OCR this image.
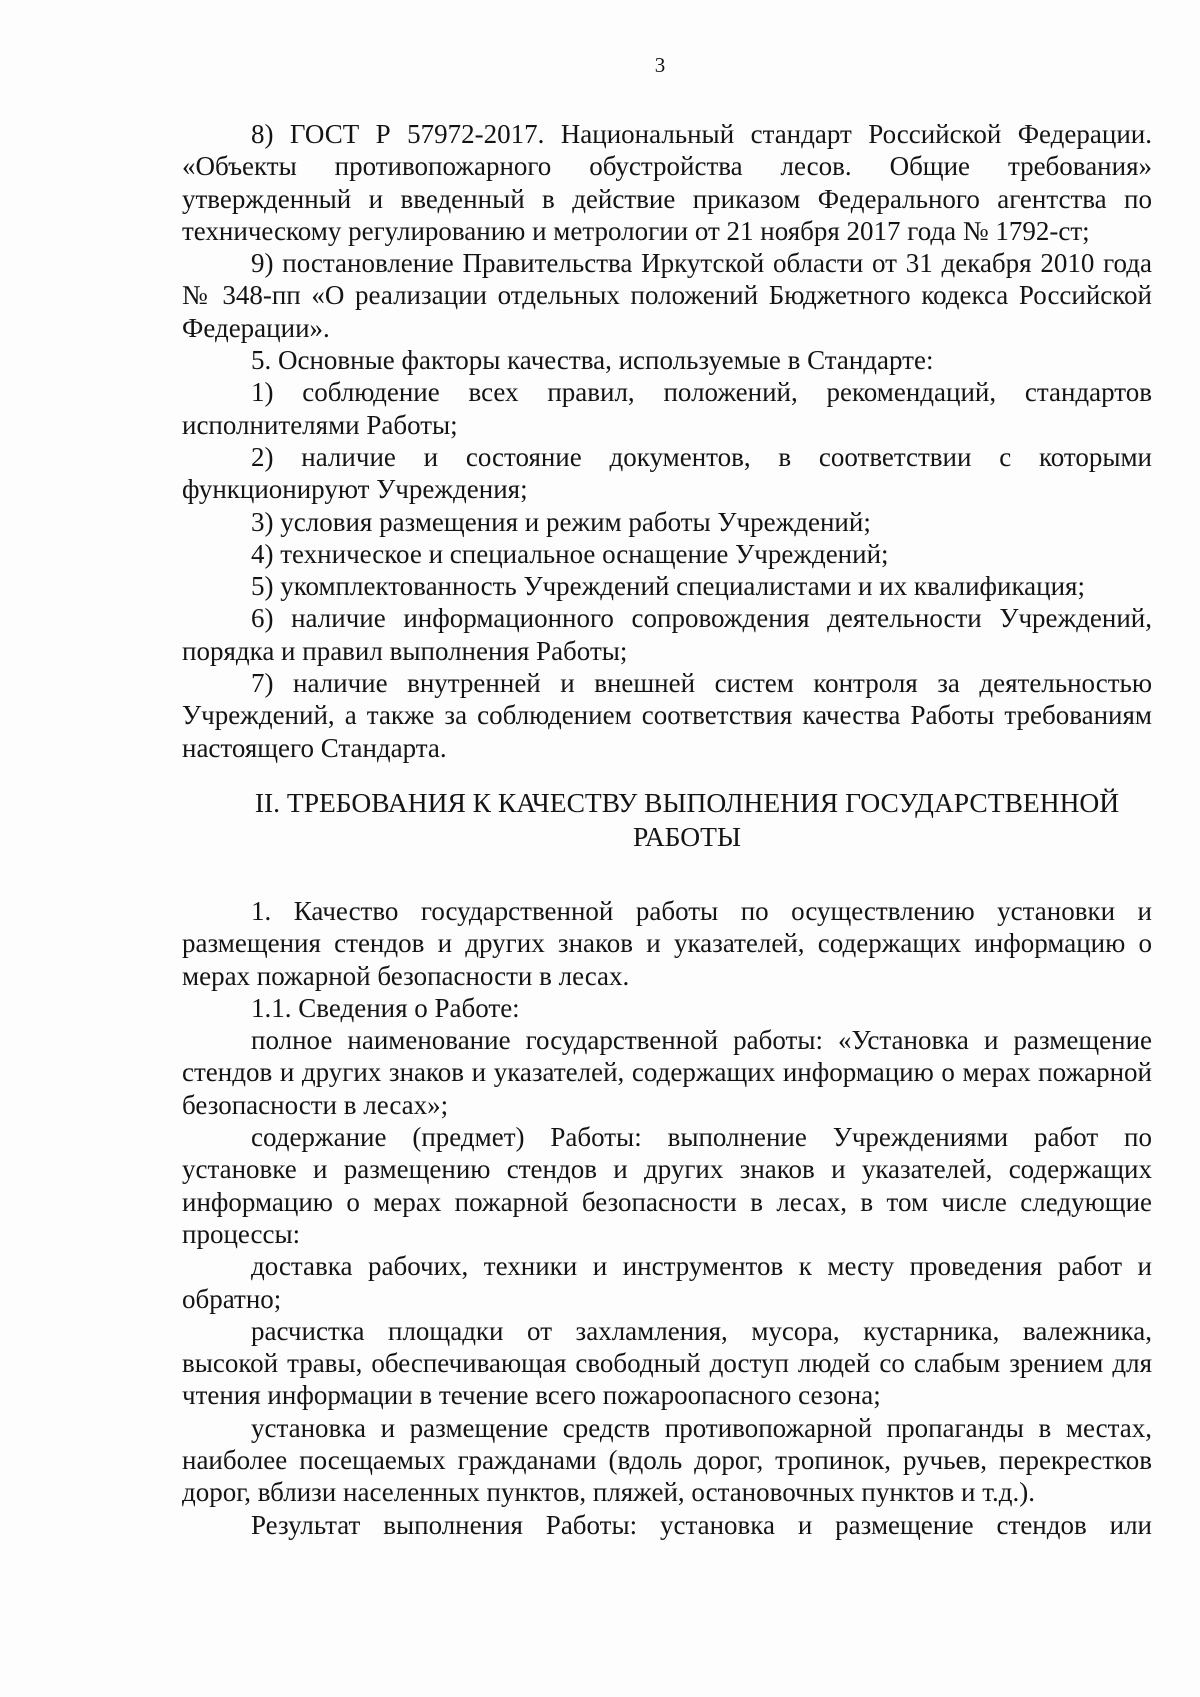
3

8) ГОСТ Р 57972-2017. Национальный стандарт Российской Федерации. «Объекты противопожарного обустройства лесов. Общие требования» утвержденный и введенный в действие приказом Федерального агентства по техническому регулированию и метрологии от 21 ноября 2017 года № 1792-ст;

9) постановление Правительства Иркутской области от 31 декабря 2010 года № 348-пп «О реализации отдельных положений Бюджетного кодекса Российской Федерации».

5. Основные факторы качества, используемые в Стандарте:

1) соблюдение всех правил, положений, рекомендаций, стандартов исполнителями Работы;

2) наличие и состояние документов, в соответствии с которыми функционируют Учреждения;

3) условия размещения и режим работы Учреждений;

4) техническое и специальное оснащение Учреждений;

5) укомплектованность Учреждений специалистами и их квалификация;

6) наличие информационного сопровождения деятельности Учреждений, порядка и правил выполнения Работы;

7) наличие внутренней и внешней систем контроля за деятельностью Учреждений, а также за соблюдением соответствия качества Работы требованиям настоящего Стандарта.

II. ТРЕБОВАНИЯ К КАЧЕСТВУ ВЫПОЛНЕНИЯ ГОСУДАРСТВЕННОЙ
РАБОТЫ

1. Качество государственной работы по осуществлению установки и размещения стендов и других знаков и указателей, содержащих информацию о мерах пожарной безопасности в лесах.

1.1. Сведения о Работе:

полное наименование государственной работы: «Установка и размещение стендов и других знаков и указателей, содержащих информацию о мерах пожарной безопасности в лесах»;

содержание (предмет) Работы: выполнение Учреждениями работ по установке и размещению стендов и других знаков и указателей, содержащих информацию о мерах пожарной безопасности в лесах, в том числе следующие процессы:

доставка рабочих, техники и инструментов к месту проведения работ и обратно;

расчистка площадки от захламления, мусора, кустарника, валежника, высокой травы, обеспечивающая свободный доступ людей со слабым зрением для чтения информации в течение всего пожароопасного сезона;

установка и размещение средств противопожарной пропаганды в местах, наиболее посещаемых гражданами (вдоль дорог, тропинок, ручьев, перекрестков дорог, вблизи населенных пунктов, пляжей, остановочных пунктов и т.д.).

Результат выполнения Работы: установка и размещение стендов или
